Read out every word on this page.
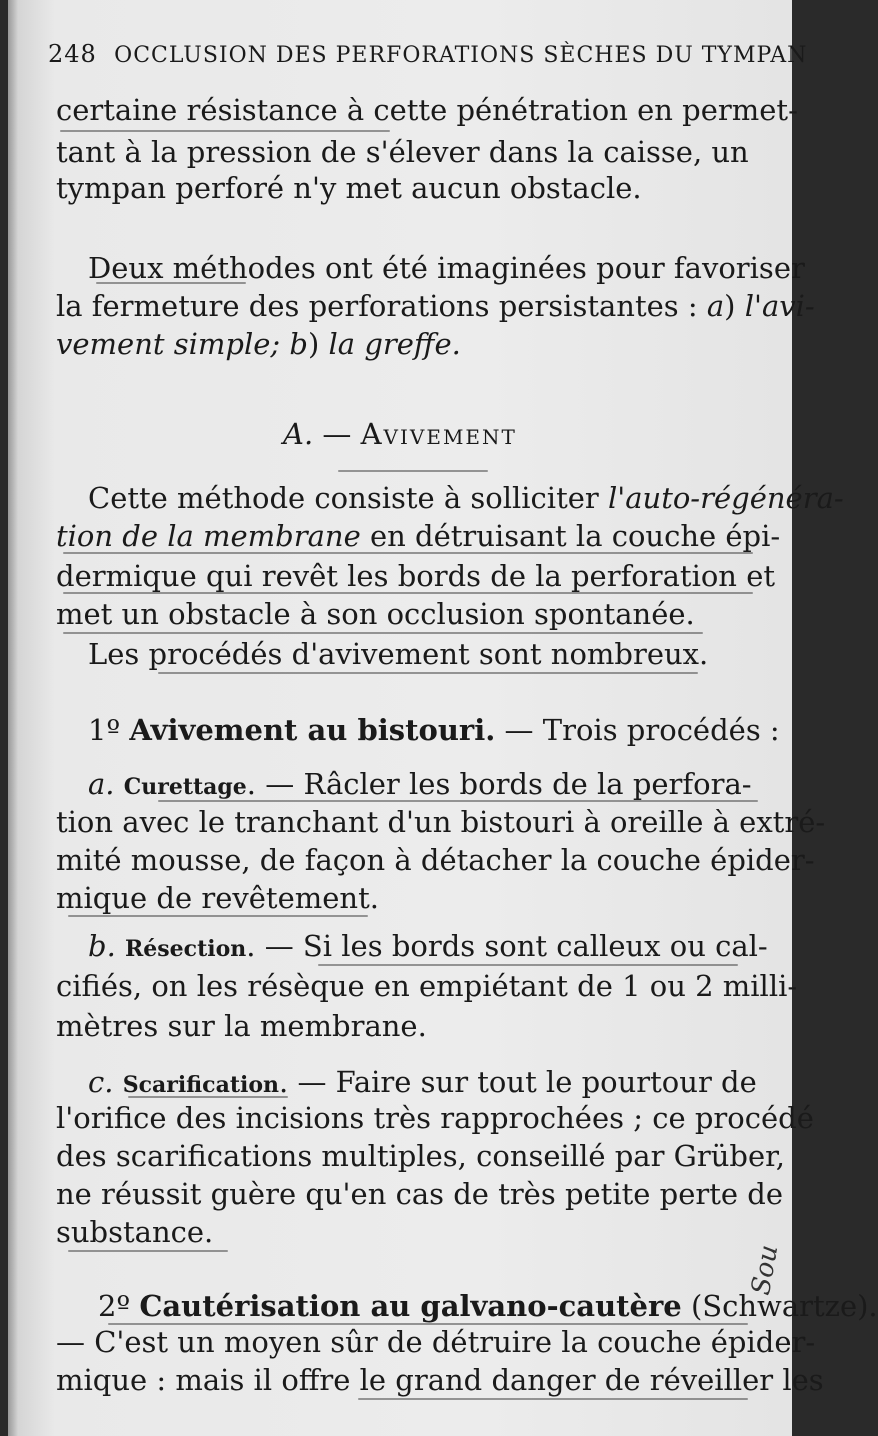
248 OCCLUSION DES PERFORATIONS SÈCHES DU TYMPAN
certaine résistance à cette pénétration en permet-
tant à la pression de s'élever dans la caisse, un
tympan perforé n'y met aucun obstacle.
Deux méthodes ont été imaginées pour favoriser
la fermeture des perforations persistantes : a) l'avi-
vement simple; b) la greffe.
A. — Avivement
Cette méthode consiste à solliciter l'auto-régénéra-
tion de la membrane en détruisant la couche épi-
dermique qui revêt les bords de la perforation et
met un obstacle à son occlusion spontanée.
Les procédés d'avivement sont nombreux.
1º Avivement au bistouri. — Trois procédés :
a. Curettage. — Râcler les bords de la perfora-
tion avec le tranchant d'un bistouri à oreille à extré-
mité mousse, de façon à détacher la couche épider-
mique de revêtement.
b. Résection. — Si les bords sont calleux ou cal-
cifiés, on les résèque en empiétant de 1 ou 2 milli-
mètres sur la membrane.
c. Scarification. — Faire sur tout le pourtour de
l'orifice des incisions très rapprochées ; ce procédé
des scarifications multiples, conseillé par Grüber,
ne réussit guère qu'en cas de très petite perte de
substance.
2º Cautérisation au galvano-cautère (Schwartze).
— C'est un moyen sûr de détruire la couche épider-
mique : mais il offre le grand danger de réveiller les
Sou
